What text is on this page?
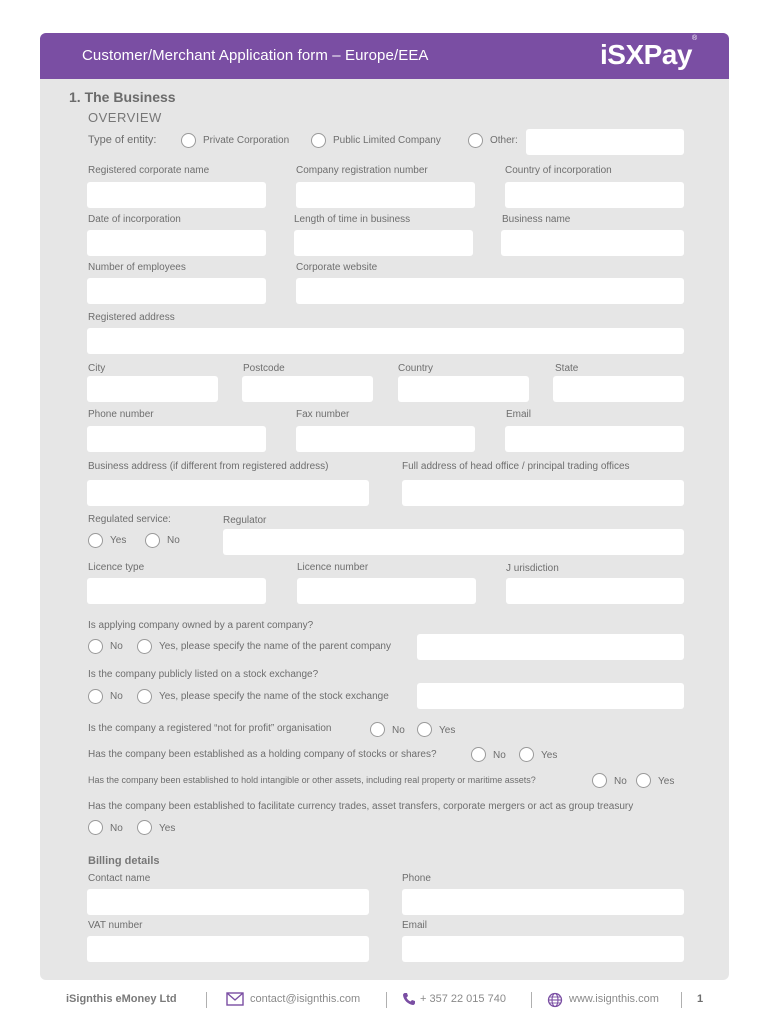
Customer/Merchant Application form – Europe/EEA	iSXPay®
1. The Business
OVERVIEW
Type of entity:	Private Corporation	Public Limited Company	Other:
Registered corporate name	Company registration number	Country of incorporation
Date of incorporation	Length of time in business	Business name
Number of employees	Corporate website
Registered address
City	Postcode	Country	State
Phone number	Fax number	Email
Business address (if different from registered address)	Full address of head office / principal trading offices
Regulated service:	Regulator
Yes	No
Licence type	Licence number	J urisdiction
Is applying company owned by a parent company?
No	Yes, please specify the name of the parent company
Is the company publicly listed on a stock exchange?
No	Yes, please specify the name of the stock exchange
Is the company a registered “not for profit” organisation	No	Yes
Has the company been established as a holding company of stocks or shares?	No	Yes
Has the company been established to hold intangible or other assets, including real property or maritime assets?	No	Yes
Has the company been established to facilitate currency trades, asset transfers, corporate mergers or act as group treasury
No	Yes
Billing details
Contact name	Phone
VAT number	Email
iSignthis eMoney Ltd	contact@isignthis.com	+ 357 22 015 740	www.isignthis.com	1
